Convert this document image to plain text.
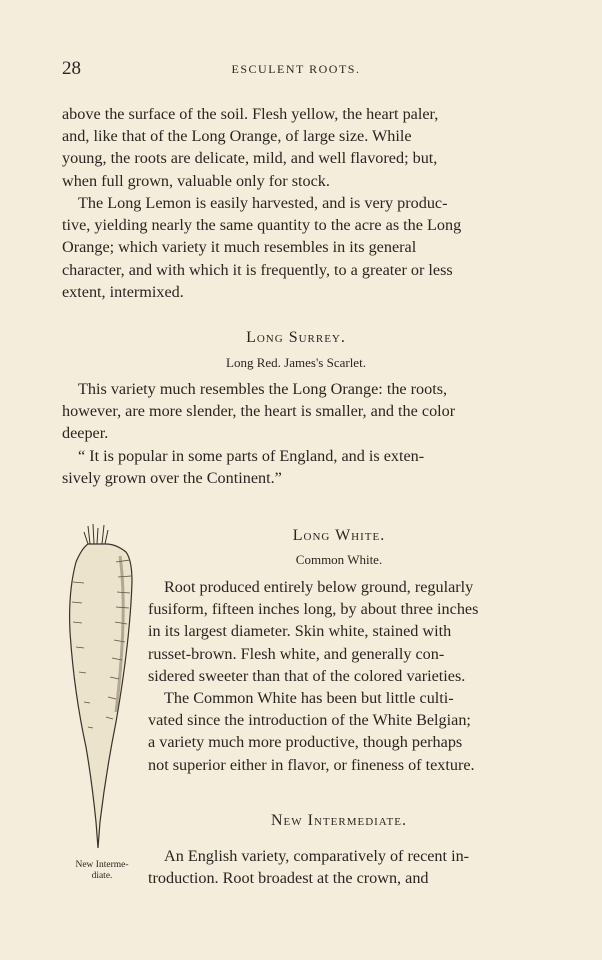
28	ESCULENT ROOTS.

above the surface of the soil. Flesh yellow, the heart paler,

and, like that of the Long Orange, of large size. While

young, the roots are delicate, mild, and well flavored; but,

when full grown, valuable only for stock.

The Long Lemon is easily harvested, and is very produc-

tive, yielding nearly the same quantity to the acre as the Long

Orange; which variety it much resembles in its general

character, and with which it is frequently, to a greater or less

extent, intermixed.

Long Surrey.
Long Red. James's Scarlet.

This variety much resembles the Long Orange: the roots,

however, are more slender, the heart is smaller, and the color

deeper.

“ It is popular in some parts of England, and is exten-

sively grown over the Continent.”

New Interme-
diate.
Long White.
Common White.

Root produced entirely below ground, regularly

fusiform, fifteen inches long, by about three inches

in its largest diameter. Skin white, stained with

russet-brown. Flesh white, and generally con-

sidered sweeter than that of the colored varieties.

The Common White has been but little culti-

vated since the introduction of the White Belgian;

a variety much more productive, though perhaps

not superior either in flavor, or fineness of texture.

New Intermediate.

An English variety, comparatively of recent in-

troduction. Root broadest at the crown, and
